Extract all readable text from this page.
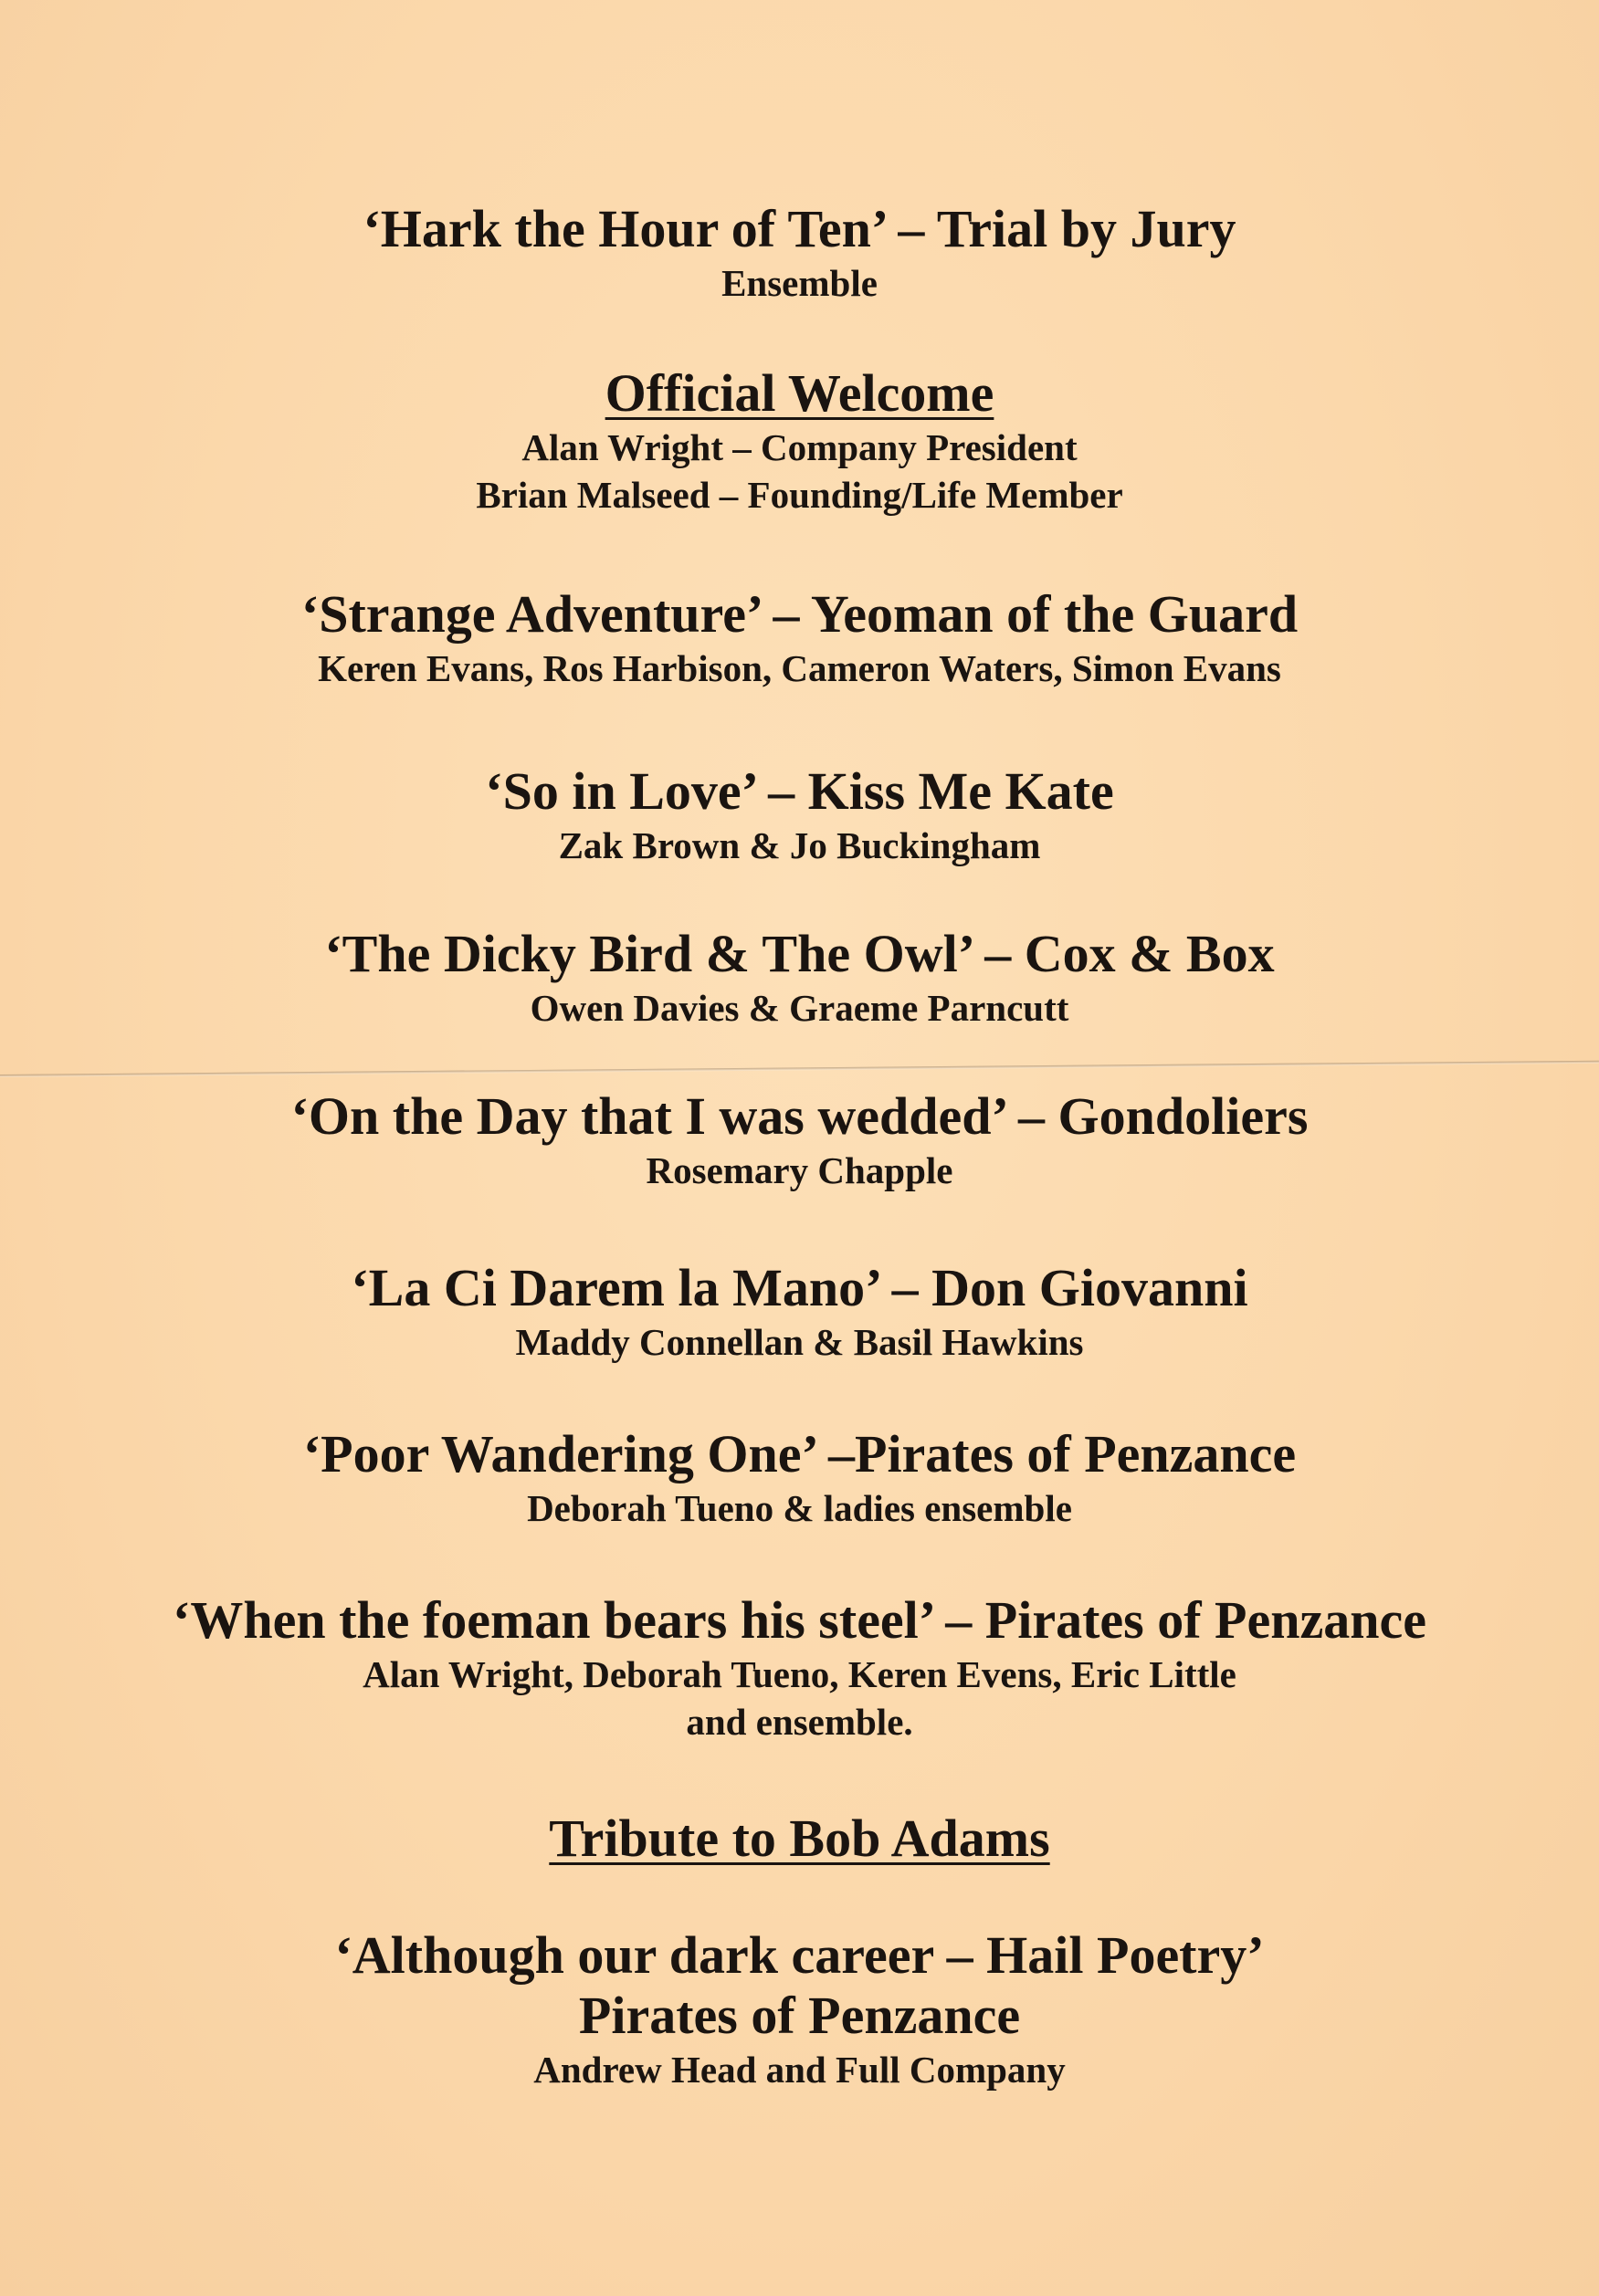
‘Hark the Hour of Ten’ – Trial by Jury
Ensemble
Official Welcome
Alan Wright – Company President
Brian Malseed – Founding/Life Member
‘Strange Adventure’ – Yeoman of the Guard
Keren Evans, Ros Harbison, Cameron Waters, Simon Evans
‘So in Love’ – Kiss Me Kate
Zak Brown & Jo Buckingham
‘The Dicky Bird & The Owl’ – Cox & Box
Owen Davies & Graeme Parncutt
‘On the Day that I was wedded’ – Gondoliers
Rosemary Chapple
‘La Ci Darem la Mano’ – Don Giovanni
Maddy Connellan & Basil Hawkins
‘Poor Wandering One’ –Pirates of Penzance
Deborah Tueno & ladies ensemble
‘When the foeman bears his steel’ – Pirates of Penzance
Alan Wright, Deborah Tueno, Keren Evens, Eric Little
and ensemble.
Tribute to Bob Adams
‘Although our dark career – Hail Poetry’
Pirates of Penzance
Andrew Head and Full Company
